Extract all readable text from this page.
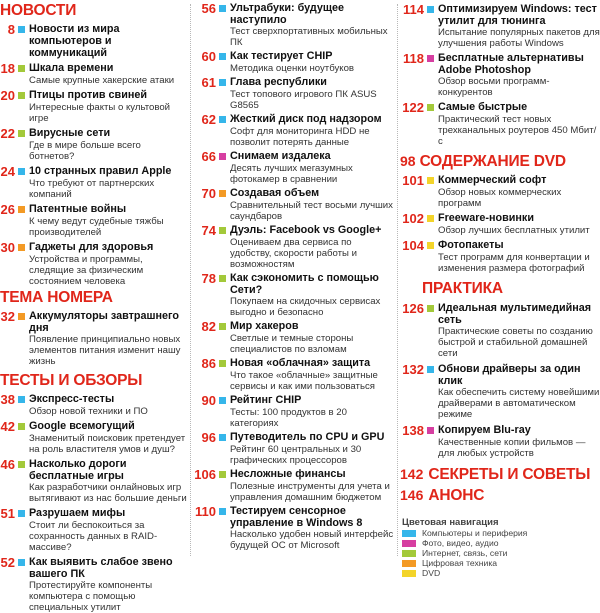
НОВОСТИ
8 Новости из мира компьютеров и коммуникаций
18 Шкала времени
Самые крупные хакерские атаки
20 Птицы против свиней
Интересные факты о культовой игре
22 Вирусные сети
Где в мире больше всего ботнетов?
24 10 странных правил Apple
Что требуют от партнерских компаний
26 Патентные войны
К чему ведут судебные тяжбы производителей
30 Гаджеты для здоровья
Устройства и программы, следящие за физическим состоянием человека
ТЕМА НОМЕРА
32 Аккумуляторы завтрашнего дня
Появление принципиально новых элементов питания изменит нашу жизнь
ТЕСТЫ И ОБЗОРЫ
38 Экспресс-тесты
Обзор новой техники и ПО
42 Google всемогущий
Знаменитый поисковик претендует на роль властителя умов и душ?
46 Насколько дороги бесплатные игры
Как разработчики онлайновых игр вытягивают из нас большие деньги
51 Разрушаем мифы
Стоит ли беспокоиться за сохранность данных в RAID-массиве?
52 Как выявить слабое звено вашего ПК
Протестируйте компоненты компьютера с помощью специальных утилит
56 Ультрабуки: будущее наступило
Тест сверхпортативных мобильных ПК
60 Как тестирует CHIP
Методика оценки ноутбуков
61 Глава республики
Тест топового игрового ПК ASUS G8565
62 Жесткий диск под надзором
Софт для мониторинга HDD не позволит потерять данные
66 Снимаем издалека
Десять лучших мегазумных фотокамер в сравнении
70 Создавая объем
Сравнительный тест восьми лучших саундбаров
74 Дуэль: Facebook vs Google+
Оцениваем два сервиса по удобству, скорости работы и возможностям
78 Как сэкономить с помощью Сети?
Покупаем на скидочных сервисах выгодно и безопасно
82 Мир хакеров
Светлые и темные стороны специалистов по взломам
86 Новая «облачная» защита
Что такое «облачные» защитные сервисы и как ими пользоваться
90 Рейтинг CHIP
Тесты: 100 продуктов в 20 категориях
96 Путеводитель по CPU и GPU
Рейтинг 60 центральных и 30 графических процессоров
106 Несложные финансы
Полезные инструменты для учета и управления домашним бюджетом
110 Тестируем сенсорное управление в Windows 8
Насколько удобен новый интерфейс будущей ОС от Microsoft
114 Оптимизируем Windows: тест утилит для тюнинга
Испытание популярных пакетов для улучшения работы Windows
118 Бесплатные альтернативы Adobe Photoshop
Обзор восьми программ-конкурентов
122 Самые быстрые
Практический тест новых трехканальных роутеров 450 Мбит/с
98 СОДЕРЖАНИЕ DVD
101 Коммерческий софт
Обзор новых коммерческих программ
102 Freeware-новинки
Обзор лучших бесплатных утилит
104 Фотопакеты
Тест программ для конвертации и изменения размера фотографий
ПРАКТИКА
126 Идеальная мультимедийная сеть
Практические советы по созданию быстрой и стабильной домашней сети
132 Обнови драйверы за один клик
Как обеспечить систему новейшими драйверами в автоматическом режиме
138 Копируем Blu-ray
Качественные копии фильмов — для любых устройств
142 СЕКРЕТЫ И СОВЕТЫ
146 АНОНС
Цветовая навигация
Компьютеры и периферия
Фото, видео, аудио
Интернет, связь, сети
Цифровая техника
DVD
